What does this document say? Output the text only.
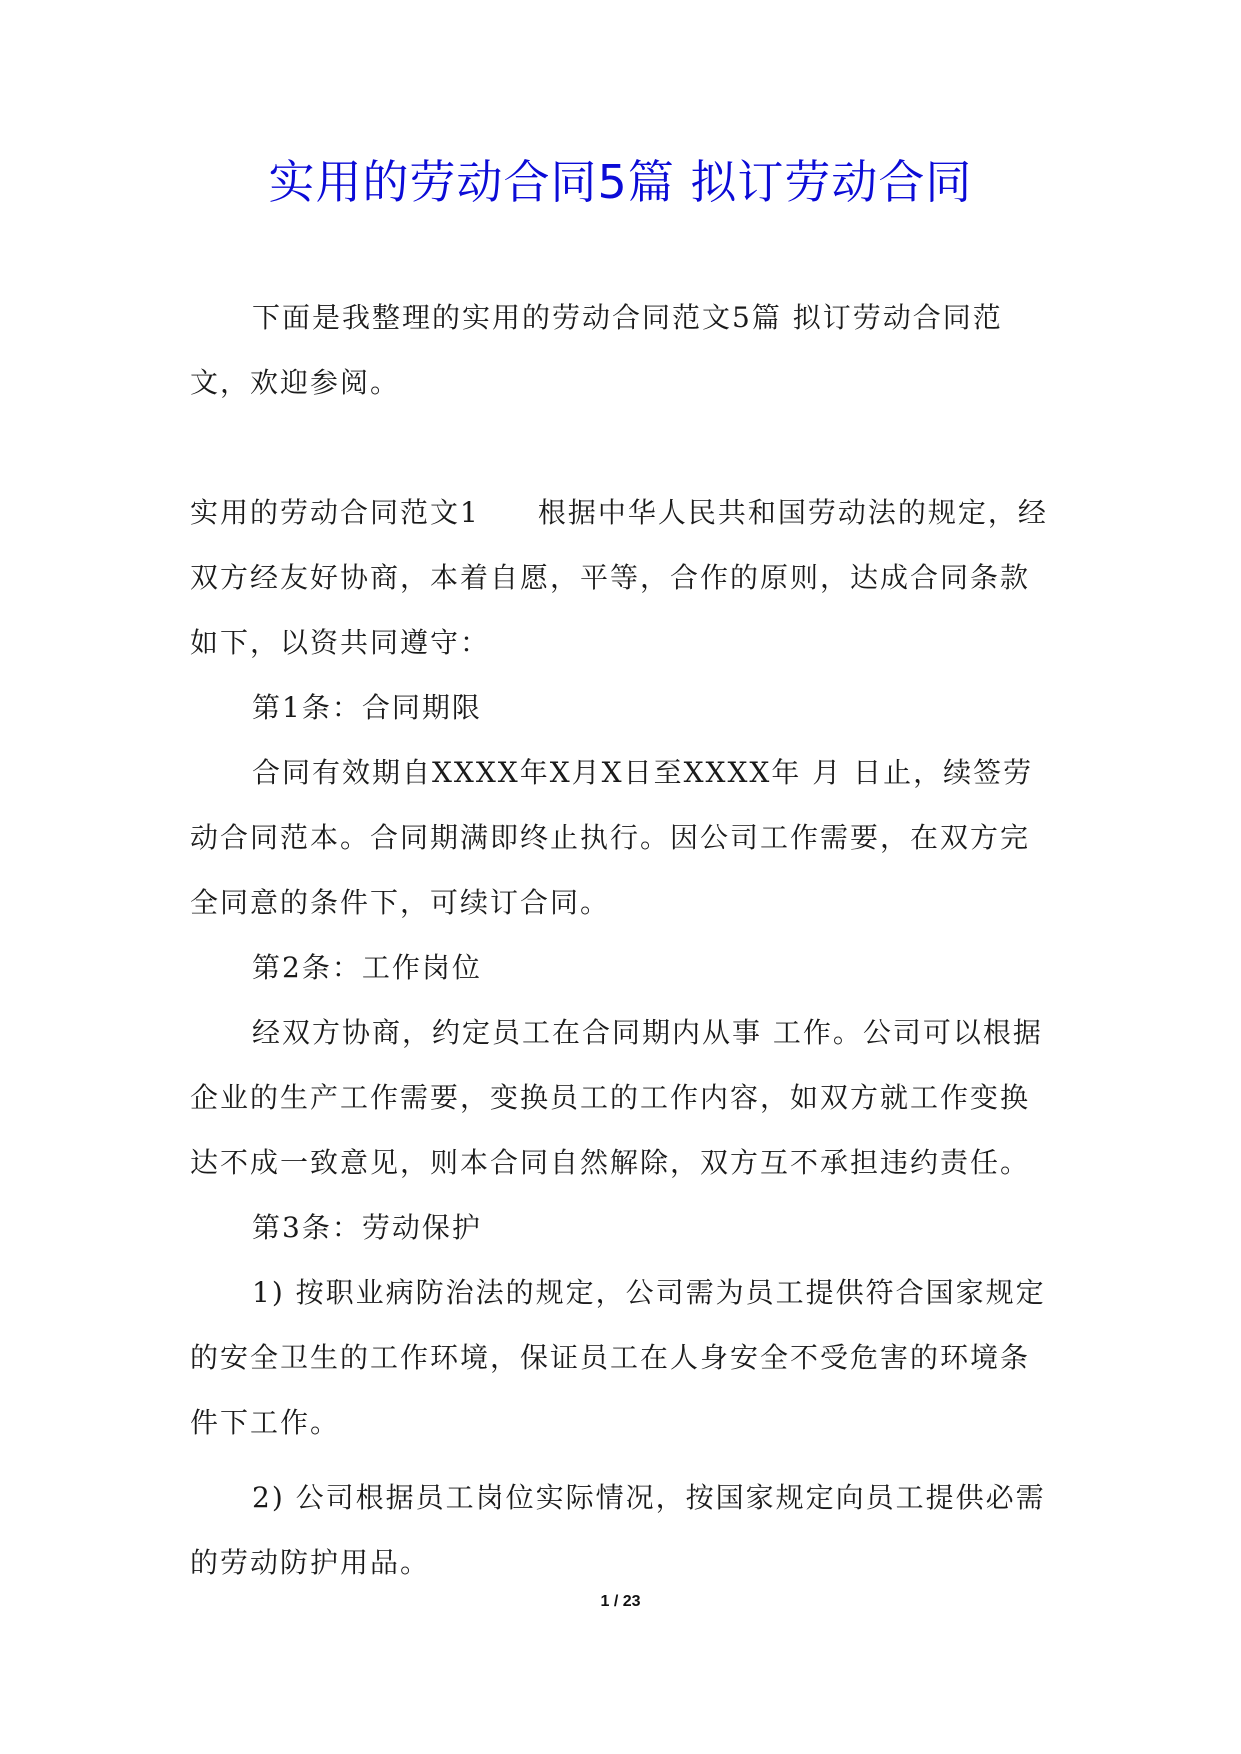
实用的劳动合同5篇 拟订劳动合同

下面是我整理的实用的劳动合同范文5篇 拟订劳动合同范文，欢迎参阅。

实用的劳动合同范文1 根据中华人民共和国劳动法的规定，经双方经友好协商，本着自愿，平等，合作的原则，达成合同条款如下，以资共同遵守：

第1条：合同期限

合同有效期自XXXX年X月X日至XXXX年 月 日止，续签劳动合同范本。合同期满即终止执行。因公司工作需要，在双方完全同意的条件下，可续订合同。

第2条：工作岗位

经双方协商，约定员工在合同期内从事 工作。公司可以根据企业的生产工作需要，变换员工的工作内容，如双方就工作变换达不成一致意见，则本合同自然解除，双方互不承担违约责任。

第3条：劳动保护

1) 按职业病防治法的规定，公司需为员工提供符合国家规定的安全卫生的工作环境，保证员工在人身安全不受危害的环境条件下工作。

2) 公司根据员工岗位实际情况，按国家规定向员工提供必需的劳动防护用品。

1 / 23
